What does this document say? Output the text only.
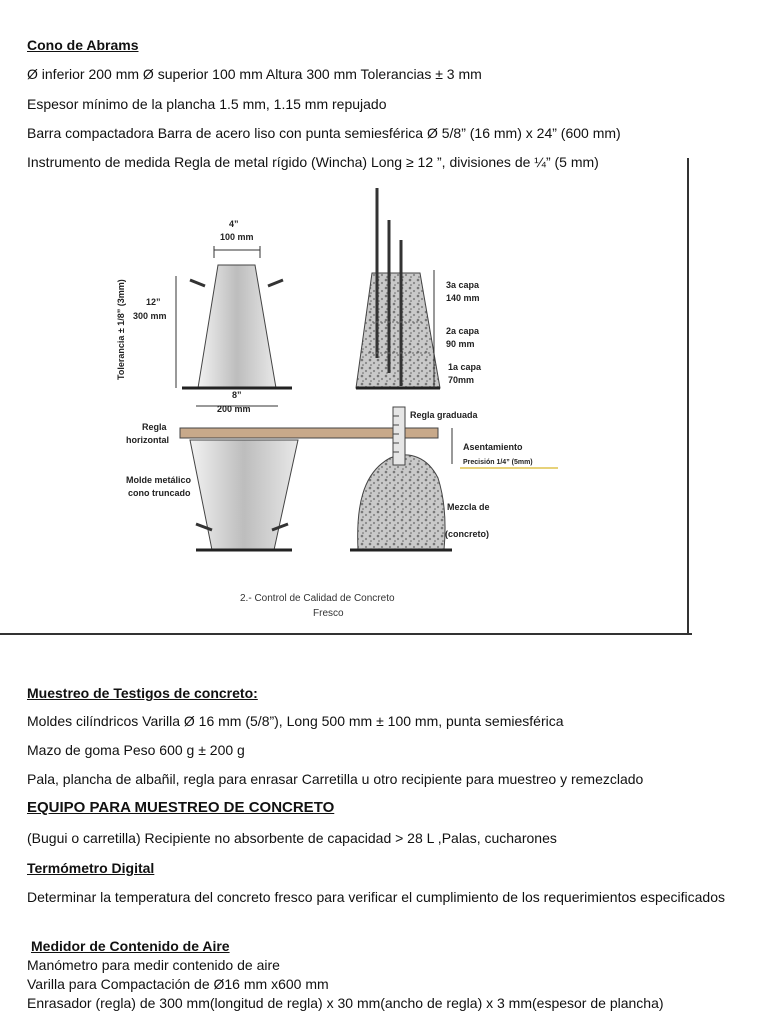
Cono de Abrams
Ø inferior 200 mm Ø superior 100 mm Altura 300 mm Tolerancias ± 3 mm
Espesor mínimo de la plancha 1.5 mm, 1.15 mm repujado
Barra compactadora Barra de acero liso con punta semiesférica Ø 5/8” (16 mm) x 24” (600 mm)
Instrumento de medida Regla de metal rígido (Wincha) Long ≥ 12 ”, divisiones de ¼” (5 mm)
4”
100 mm
12”
300 mm
Tolerancia ± 1/8” (3mm)
8”
200 mm
3a capa
140 mm
2a capa
90 mm
1a capa
70mm
Regla graduada
Regla
horizontal
Asentamiento
Precisión 1/4” (5mm)
Molde metálico
cono truncado
Mezcla de
(concreto)
2.- Control de Calidad de Concreto
Fresco
Muestreo de Testigos de concreto:
Moldes cilíndricos Varilla Ø 16 mm (5/8”), Long 500 mm ± 100 mm, punta semiesférica
Mazo de goma Peso 600 g ± 200 g
Pala, plancha de albañil, regla para enrasar Carretilla u otro recipiente para muestreo y remezclado
EQUIPO PARA MUESTREO DE CONCRETO
(Bugui o carretilla) Recipiente no absorbente de capacidad > 28 L ,Palas, cucharones
Termómetro Digital
Determinar la temperatura del concreto fresco para verificar el cumplimiento de los requerimientos especificados
Medidor de Contenido de Aire
Manómetro para medir contenido de aire
Varilla para Compactación de Ø16 mm x600 mm
Enrasador (regla) de 300 mm(longitud de regla) x 30 mm(ancho de regla) x 3 mm(espesor de plancha)
